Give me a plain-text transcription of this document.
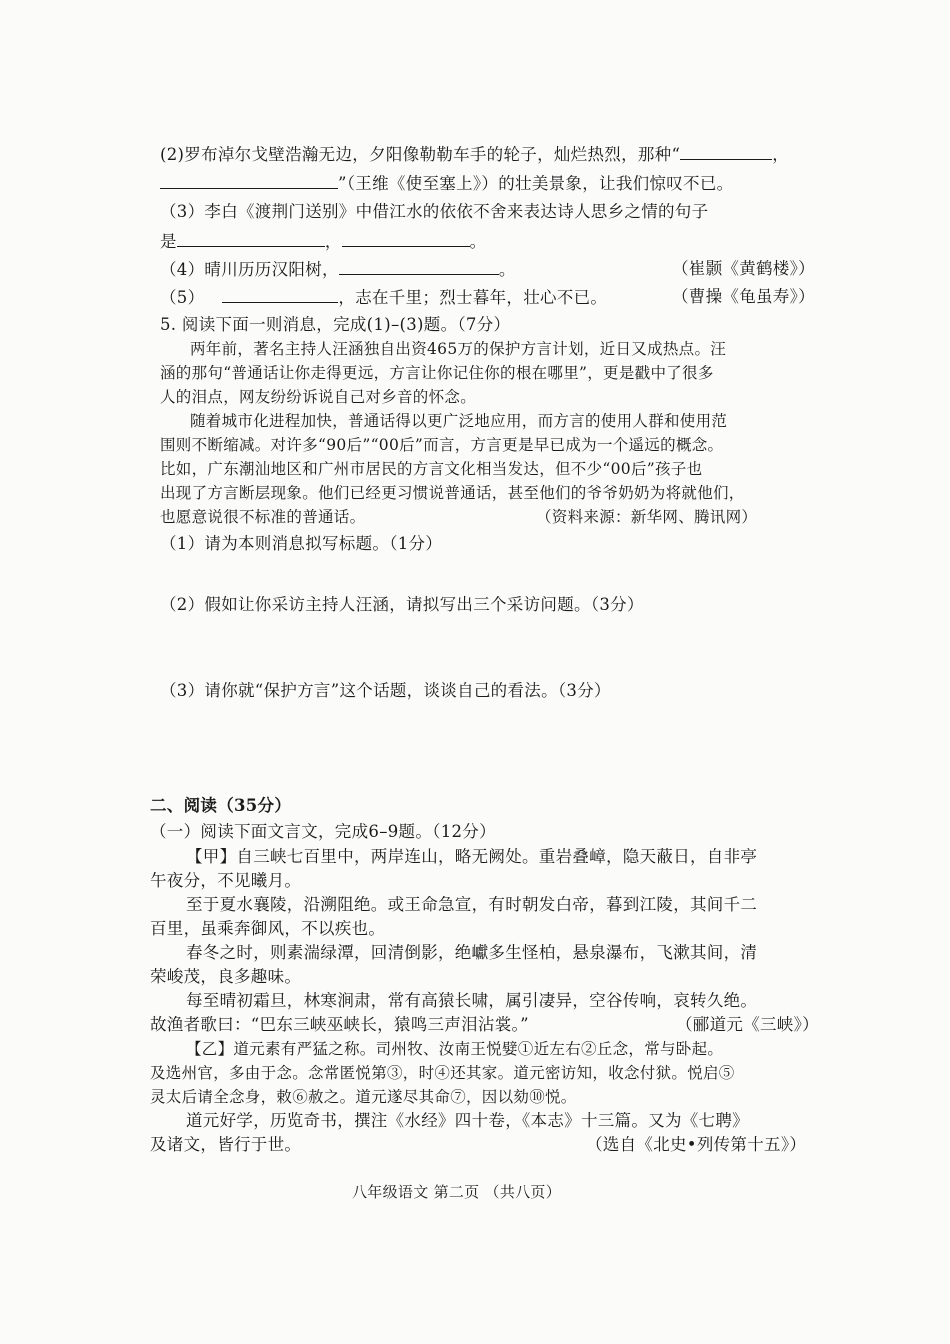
(2)罗布淖尔戈壁浩瀚无边，夕阳像勒勒车手的轮子，灿烂热烈，那种“	，
”（王维《使至塞上》）的壮美景象，让我们惊叹不已。
（3）李白《渡荆门送别》中借江水的依依不舍来表达诗人思乡之情的句子
是	，	。
（4）晴川历历汉阳树，	。	（崔颢《黄鹤楼》）
（5）	，志在千里；烈士暮年，壮心不已。	（曹操《龟虽寿》）
5. 阅读下面一则消息，完成(1)–(3)题。（7分）
两年前，著名主持人汪涵独自出资465万的保护方言计划，近日又成热点。汪
涵的那句“普通话让你走得更远，方言让你记住你的根在哪里”，更是戳中了很多
人的泪点，网友纷纷诉说自己对乡音的怀念。
随着城市化进程加快，普通话得以更广泛地应用，而方言的使用人群和使用范
围则不断缩减。对许多“90后”“00后”而言，方言更是早已成为一个遥远的概念。
比如，广东潮汕地区和广州市居民的方言文化相当发达，但不少“00后”孩子也
出现了方言断层现象。他们已经更习惯说普通话，甚至他们的爷爷奶奶为将就他们，
也愿意说很不标准的普通话。	（资料来源：新华网、腾讯网）
（1）请为本则消息拟写标题。（1分）
（2）假如让你采访主持人汪涵，请拟写出三个采访问题。（3分）
（3）请你就“保护方言”这个话题，谈谈自己的看法。（3分）
二、阅读（35分）
（一）阅读下面文言文，完成6–9题。（12分）
【甲】自三峡七百里中，两岸连山，略无阙处。重岩叠嶂，隐天蔽日，自非亭
午夜分，不见曦月。
至于夏水襄陵，沿溯阻绝。或王命急宣，有时朝发白帝，暮到江陵，其间千二
百里，虽乘奔御风，不以疾也。
春冬之时，则素湍绿潭，回清倒影，绝巘多生怪柏，悬泉瀑布，飞漱其间，清
荣峻茂，良多趣味。
每至晴初霜旦，林寒涧肃，常有高猿长啸，属引凄异，空谷传响，哀转久绝。
故渔者歌曰：“巴东三峡巫峡长，猿鸣三声泪沾裳。”	（郦道元《三峡》）
【乙】道元素有严猛之称。司州牧、汝南王悦嬖①近左右②丘念，常与卧起。
及选州官，多由于念。念常匿悦第③，时④还其家。道元密访知，收念付狱。悦启⑤
灵太后请全念身，敕⑥赦之。道元遂尽其命⑦，因以劾⑩悦。
道元好学，历览奇书，撰注《水经》四十卷，《本志》十三篇。又为《七聘》
及诸文，皆行于世。	（选自《北史•列传第十五》）
八年级语文 第二页 （共八页）
